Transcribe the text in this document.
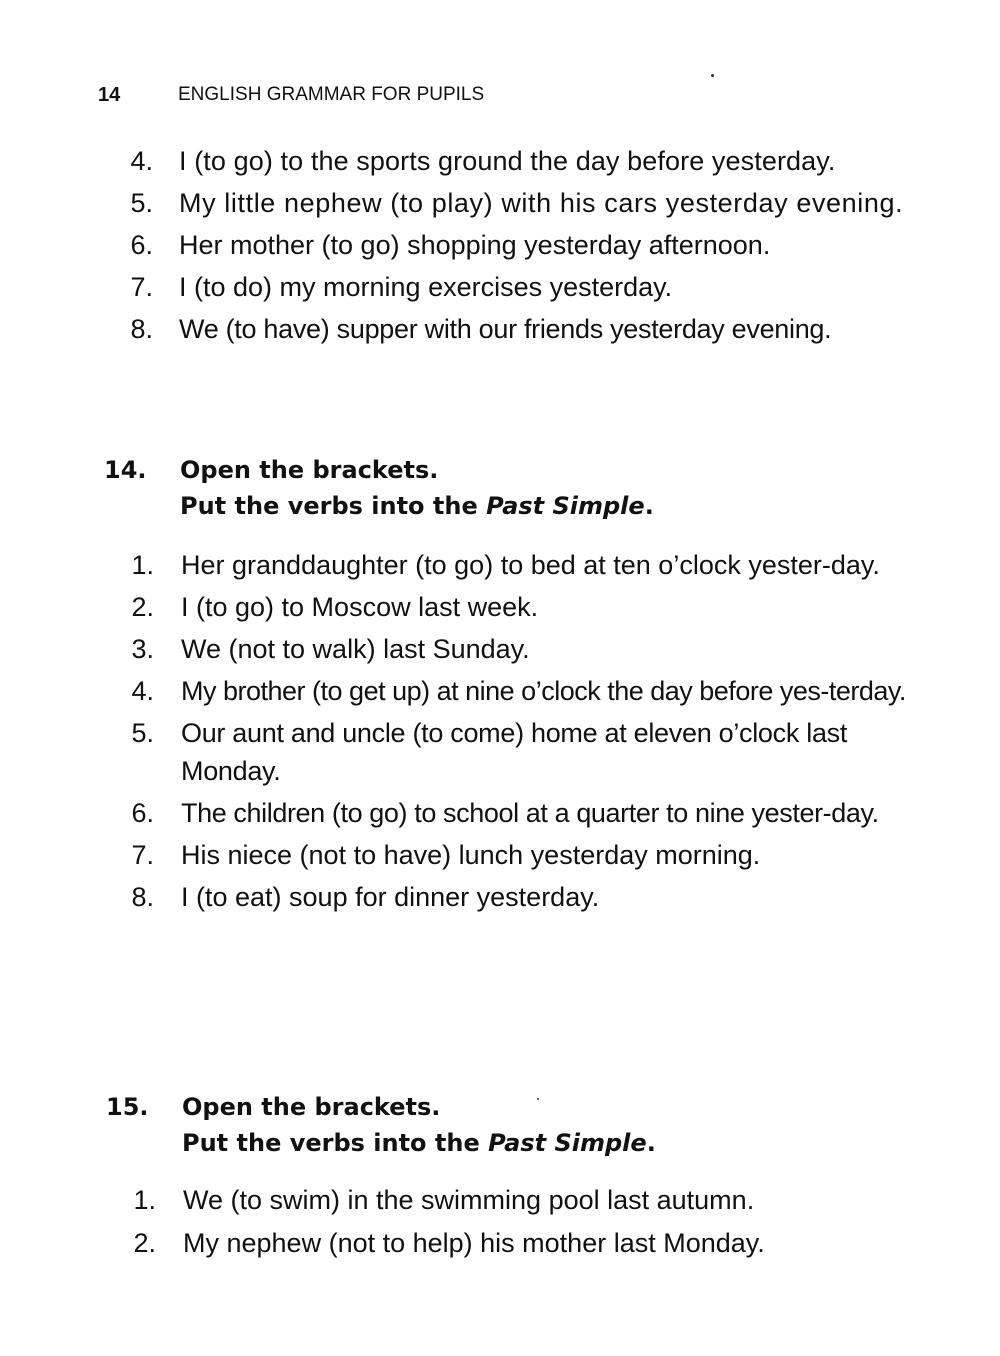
14	ENGLISH GRAMMAR FOR PUPILS
4. I (to go) to the sports ground the day before yesterday.
5. My little nephew (to play) with his cars yesterday evening.
6. Her mother (to go) shopping yesterday afternoon.
7. I (to do) my morning exercises yesterday.
8. We (to have) supper with our friends yesterday evening.
14. Open the brackets.
Put the verbs into the Past Simple.
1. Her granddaughter (to go) to bed at ten o’clock yester-day.
2. I (to go) to Moscow last week.
3. We (not to walk) last Sunday.
4. My brother (to get up) at nine o’clock the day before yes-terday.
5. Our aunt and uncle (to come) home at eleven o’clock last Monday.
6. The children (to go) to school at a quarter to nine yester-day.
7. His niece (not to have) lunch yesterday morning.
8. I (to eat) soup for dinner yesterday.
15. Open the brackets.
Put the verbs into the Past Simple.
1. We (to swim) in the swimming pool last autumn.
2. My nephew (not to help) his mother last Monday.
